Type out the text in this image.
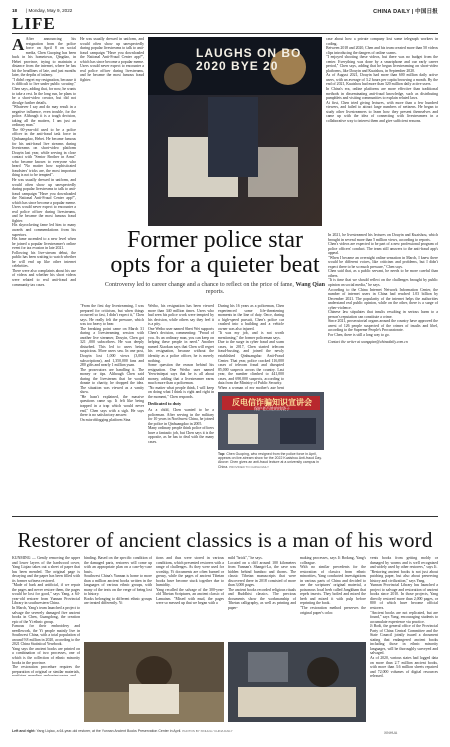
18 | Monday, May 9, 2022	CHINA DAILY | 中国日报
LIFE

A After announcing his resignation from the police force on April 8 on social media, Chen Guoping has been back in his hometown, Qingdao, in Hebei province, trying to maintain a distance from the internet, where he has hit the headlines of late, and just months later, the depths of infamy.

"I didn't regret my resignation, because it is difficult to live under public scrutiny," Chen says, adding that, for now, he wants to take a rest. In the long run, he plans to be a short-video creator, but did not divulge further details.

"Whatever I say and do may result in a negative influence, even trouble, for the police. Although it is a tough decision, taking all the matters, I am just an ordinary man."

The 60-year-old used to be a police officer in the anti-fraud task force in Qinhuangdao, Hebei. He became famous for his anti-fraud live streams during livestreams on short-video platform Douyin last year, while serving in close contact with "Senior Brother in Arms" who became known to everyone who heard "No matter how sophisticated fraudsters' tricks are, the most important thing is not to be tempted".

He was usually dressed in uniform, and would often show up unexpectedly during popular livestreams to talk to anti-fraud campaign "Have you downloaded the National Anti-Fraud Center app?", which has since become a popular meme. Users would never expect to encounter a real police officer during livestreams, and he became the most famous fraud fighter.

His skyrocketing fame led him to many awards and commendations from his superiors.

His fame ascended to a new level when he joined a popular livestreamer's online event for tax evasion in late 2021.

Following his live-stream debut, the public has been waiting to watch whether he will end up like other internet celebrities.

There were also complaints about his use of videos and whether his short videos were related to real anti-fraud and community tax cases.

He was usually dressed in uniform, and would often show up unexpectedly during popular livestreams to talk to anti-fraud campaign "Have you downloaded the National Anti-Fraud Center app?", which has since become a popular meme. Users would never expect to encounter a real police officer during livestreams, and he became the most famous fraud fighter.

LAUGHS ON BO
2020 BYE 20

case about how a private company lost some telegraph workers in coding.

Between 2018 and 2020, Chen and his team created more than 50 videos clips introducing the dangers of online scams.

"I enjoyed shooting these videos, but there was no budget from the center. Everything was done by a smartphone and our early career period," Chen says, adding that he began livestreaming on short-video platforms, like Douyin and Kuaishou, in September 2020.

As of August 2021, Douyin had more than 600 million daily active users, with an average of 3.2 hours per capita browsing a month. By the end of 2021, Kuaishou had more than 320 million daily active users.

In China's era, online platforms are more effective than traditional methods in disseminating anti-fraud knowledge, such as distributing pamphlets and visiting communities to explain related laws.

At first, Chen tried giving lectures, with more than a few hundred viewers, and failed to attract large numbers of netizens. He began to study other livestreamers to learn how they present themselves and came up with the idea of connecting with livestreamers in a collaborative way to interest them and give sufficient reasons.

Former police star opts for a quieter beat
Controversy led to career change and a chance to reflect on the price of fame, Wang Qian reports.

"From the first day livestreaming, I was prepared for criticism, but when things occurred so fast, I didn't expect it," Chen says. He really felt the pressure, which was too heavy to bear.

The breaking point came on March 31 during a livestreaming session with another live streamer, Douyin, Chen got 321 ,000 subscribers. He was deeply disturbed. This led to users being suspicious. More users saw. In one post, Douyin lost 1,000 views (3,000 subscriptions), and 1,350,000 fans and 280 gifts and nearly 1 million yuan.

The prosecutors are handling it. The money or tips. Although Chen said during the livestream that he would donate to charity, he dropped the idea. The situation was viewed as a vanity show.

"He hasn't explained, the massive questions came up. It felt like being trapped in a trap which would never end," Chen says with a sigh. He says there is no satisfactory answer.

On microblogging platform Sina

Weibo, his resignation has been viewed more than 340 million times. Users who had seen his police work were tempted by his decision, while others say they feel it is a pity.

One Weibo user named Sheri Wei supports Chen's decision, commenting: "Proud of you. As an ordinary man, you can keep on helping these people in need." Another named Xiaokun says that Chen will regret his resignation, because without the identity as a police officer, he is merely nothing.

Some question the reason behind his resignation. One Weibo user named Yeewintiepai says that he is all about money, adding that a livestreamer earns much more than a policeman.

"No matter what people think, I will keep on doing what I think is right and right in the moment," Chen responds.

Dedicated to duty

As a child, Chen wanted to be a policeman. After serving in the military for 10 years in Northwest China, he joined the police in Qinhuangdao in 2005.

Many ordinary people think police officers have a fantastic job, but Chen says it is the opposite, as he has to deal with the many cases.

During his 16 years as a policeman, Chen experienced some life-threatening moments in the line of duty. Once, during a high-speed pursuit, Chen's police car crashed into a building and a vehicle owner was also injured.

"It was my job, and is not worth mentioning," the former policeman says.

Due to the surge in cyber fraud and scam cases, in 2017, Chen started telecom fraud-busting, and joined the newly established Qinhuangdao Anti-Fraud Center. That year, police cracked 116,000 cases of telecom fraud and disrupted 85,000 suspects across the country. Last year, the number climbed to 441,000 cases, and 690,000 suspects, according to data from the Ministry of Public Security.

When a woman of my mother's age bent

反电信诈骗知识宣讲会
保护老百姓的钱袋子
Top: Chen Guoping, who resigned from the police force in April, appears on live-stream show for the 2022 Kuaishou Anti-fraud Day. Above: Chen gives an anti-fraud lecture at a university campus in China. PROVIDED TO CHINA DAILY

In 2021, he livestreamed his lectures on Douyin and Kuaishou, which brought in several more than 5 million views, according to reports.

Chen's videos are expected to be part of a new professional program of police officers' conduct. The team still answers to the anti-fraud app's appeal.

"When I became an overnight online sensation in March, I knew there would be different voices, like criticism and problems, but I didn't expect there to be so much pressure," Chen says.

Chen said that, as a public servant, he needs to be more careful than others.

"It is time that we should reflect on the challenges brought by public opinion on social media," he says.

According to the China Internet Network Information Center, the number of internet users in China had reached 1.03 billion by December 2021. The popularity of the internet helps the authorities understand real public opinion, while on the other, there is a surge of cyber-violence.

Chinese law stipulates that insults resulting in serious harm to a person's reputation can constitute a crime.

Since 2021, prosecutorial organs around the country have approved the arrest of 126 people suspected of the crimes of insults and libel, according to the Supreme People's Procuratorate.

For Chen, there is still a long way to go.

Contact the writer at wangqian@chinadaily.com.cn

Restorer of ancient classics is a man of his word

KUNMING — Gently removing the upper and lower layers of the hardwood cover, Yang Liqiao takes out a sheet of paper that has been mended. The original page is decaying and the paper has been filled with its former softness restored.

"Made of bark and artificial, if we repair the pages and never restore them, the pages would be lost for good," says Yang, a 64-year-old restorer from Yunnan Provincial Library in southwestern China.

In March, Yang's team launched a project to salvage the severely damaged five ancient books in Chen, Guangdong, the creation epic of the Yi ethnic group.

Famous for their embroidery and needlework, the Yi people mainly live in Southwest China, with a total population of around 9.8 million in 2020, according to the 2021 China Statistical Yearbook.

Yang says the ancient books are printed on a combination of two processes, one of which is the collection of ethnic minority books in the province.

The restoration procedure requires the preparation of original or similar materials,

binding. Based on the specific condition of the damaged parts, restorers will come up with an appropriate plan on a case-by-case basis.

Southwest China's Yunnan is home to more than a million ancient books written in the languages of various ethnic groups, with many of the texts on the verge of being lost to history.

Books belonging to different ethnic groups are treated differently. Yi

tions and thus were stored in various conditions, which presented restorers with a range of challenges. As they were used for worship, Yi documents are often burned or greasy, while the pages of ancient Tibetan books have become stuck together due to humidity.

Yang recalled the salvage of the 300-year-old Tibetan Scriptures, an ancient classic of Lamaism. "Mixed with mud, the pages were so messed up that we began with a

mild "brick"," he says.

Located on a cliff around 100 kilometers from Yunnan's Shangri-La, the cave was hidden behind bamboo and thorns. The classic Tibetan manuscripts that were discovered there in 2018 consisted of more than 3,000 pages.

The ancient books recorded religious rituals and Buddhist classics. The precious documents show the workmanship of Tibetan calligraphy, as well as printing and paper-

making processes, says Ji Bodang, Yang's colleague.

With no similar precedents for the restoration of classics from ethnic minorities, Yang conducted investigations in various parts of China and decided to use the scriptures' original material, a poisonous local herb called Jangkham that repels insects. They boiled and mixed the herb and mixed it with pulp before reprinting the book.

"The restoration method preserves the original paper's color.

vents books from getting moldy or damaged by worms and is well recognized and widely used by other restorers," says Ji.

"Restoring ancient books is not just about patching paper, but also about preserving history and civilization," says Yang.

Yunnan Provincial Library has launched a project to salvage and restoration of ancient books since 2010. In those projects, Yang directly restored more than 2,000 pages, or 800 of which have become official restorers.

"Ancient books are not replicated, but are found," says Yang, encouraging students to accumulate experience via practice.

Ji Bodi, the general office of the Provincial Party of China Central Committee and the State Council jointly issued a document stating that endangered ancient books including those in ethnic minority languages, will be thoroughly surveyed and salvaged.

As of 2020, various states had logged data on more than 2.7 million ancient books, with more than 3.6 million sheets repaired and 72,000 volumes of digital resources released.

Left and right: Yang Liqiao, a 64-year-old restorer, at the Yunnan Ancient Books Preservation Center in April. PHOTOS BY XINHUA / CHINA DAILY	XINHUA
